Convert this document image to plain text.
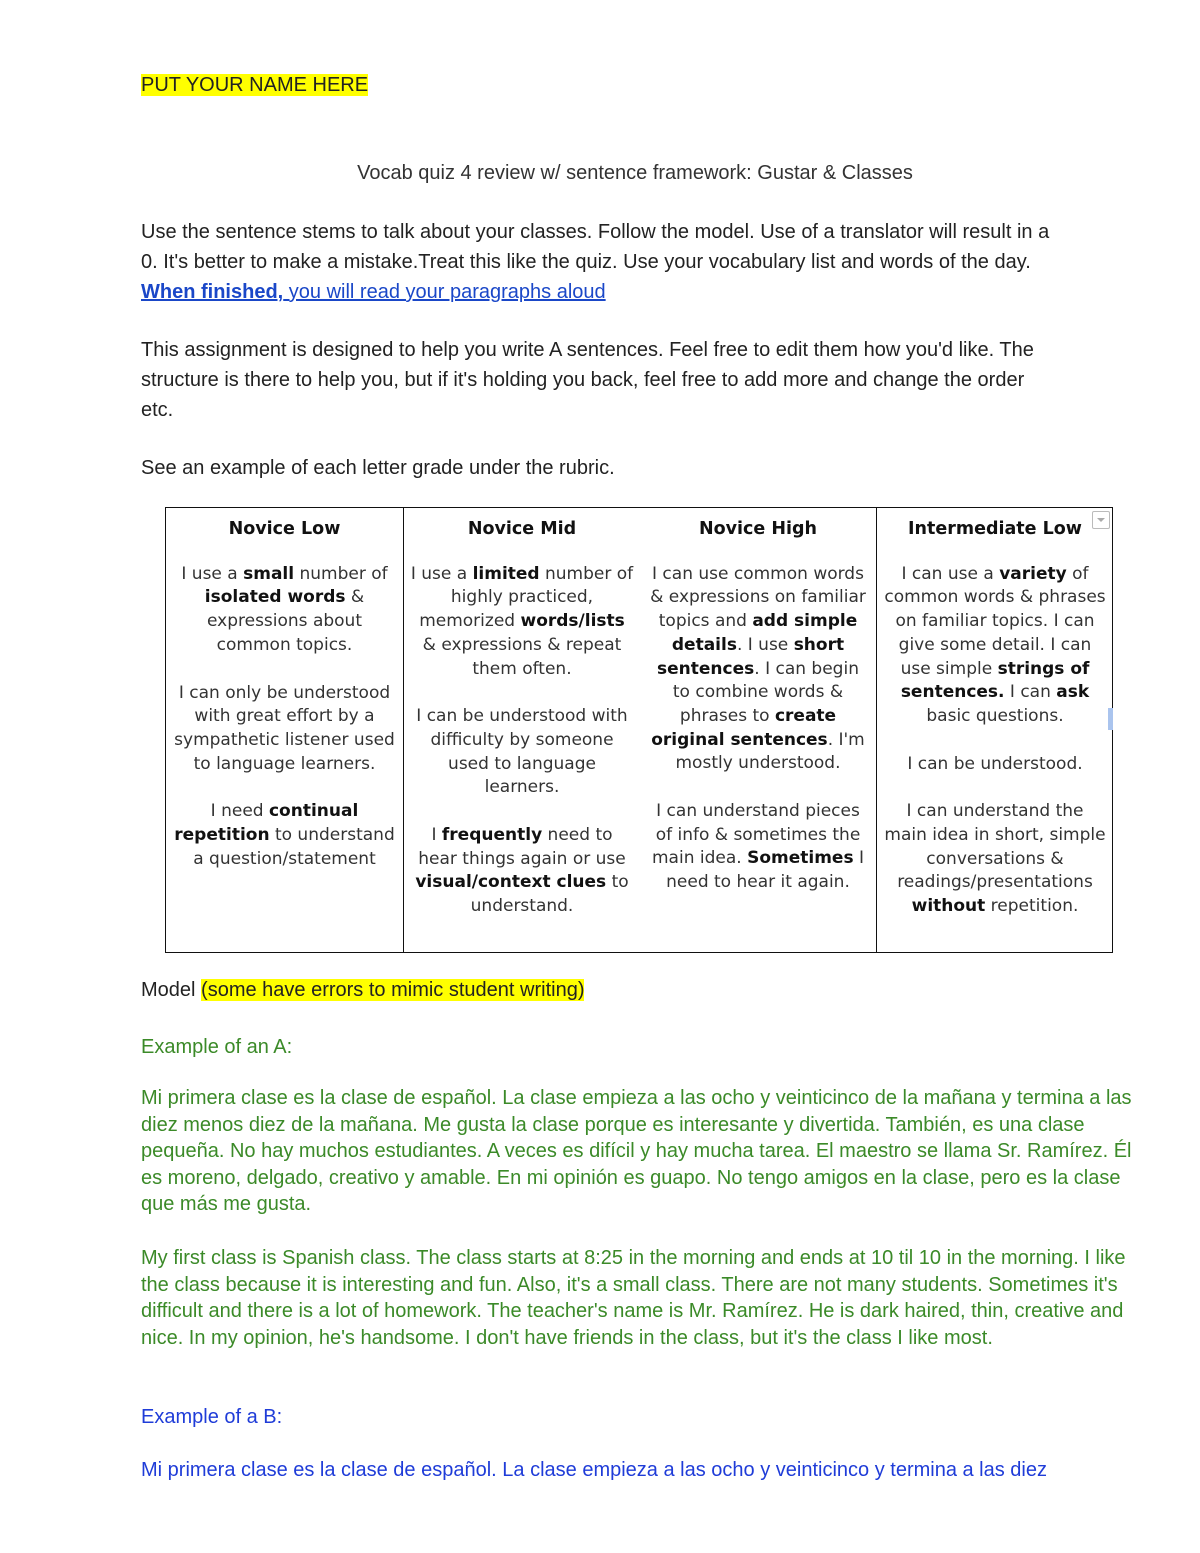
PUT YOUR NAME HERE
Vocab quiz 4 review w/ sentence framework: Gustar & Classes
Use the sentence stems to talk about your classes. Follow the model. Use of a translator will result in a
0. It's better to make a mistake.Treat this like the quiz. Use your vocabulary list and words of the day.
When finished, you will read your paragraphs aloud
This assignment is designed to help you write A sentences. Feel free to edit them how you'd like. The
structure is there to help you, but if it's holding you back, feel free to add more and change the order
etc.
See an example of each letter grade under the rubric.
Novice Low

I use a small number of isolated words & expressions about common topics.

I can only be understood with great effort by a sympathetic listener used to language learners.

I need continual repetition to understand a question/statement

Novice Mid

I use a limited number of highly practiced, memorized words/lists & expressions & repeat them often.

I can be understood with difficulty by someone used to language learners.

I frequently need to hear things again or use visual/context clues to understand.

Novice High

I can use common words & expressions on familiar topics and add simple details. I use short sentences. I can begin to combine words & phrases to create original sentences. I'm mostly understood.

I can understand pieces of info & sometimes the main idea. Sometimes I need to hear it again.

Intermediate Low

I can use a variety of common words & phrases on familiar topics. I can give some detail. I can use simple strings of sentences. I can ask basic questions.

I can be understood.

I can understand the main idea in short, simple conversations & readings/presentations without repetition.

Model (some have errors to mimic student writing)
Example of an A:
Mi primera clase es la clase de español. La clase empieza a las ocho y veinticinco de la mañana y termina a las diez menos diez de la mañana. Me gusta la clase porque es interesante y divertida. También, es una clase pequeña. No hay muchos estudiantes. A veces es difícil y hay mucha tarea. El maestro se llama Sr. Ramírez. Él es moreno, delgado, creativo y amable. En mi opinión es guapo. No tengo amigos en la clase, pero es la clase que más me gusta.
My first class is Spanish class. The class starts at 8:25 in the morning and ends at 10 til 10 in the morning. I like the class because it is interesting and fun. Also, it's a small class. There are not many students. Sometimes it's difficult and there is a lot of homework. The teacher's name is Mr. Ramírez. He is dark haired, thin, creative and nice. In my opinion, he's handsome. I don't have friends in the class, but it's the class I like most.
Example of a B:
Mi primera clase es la clase de español. La clase empieza a las ocho y veinticinco y termina a las diez
